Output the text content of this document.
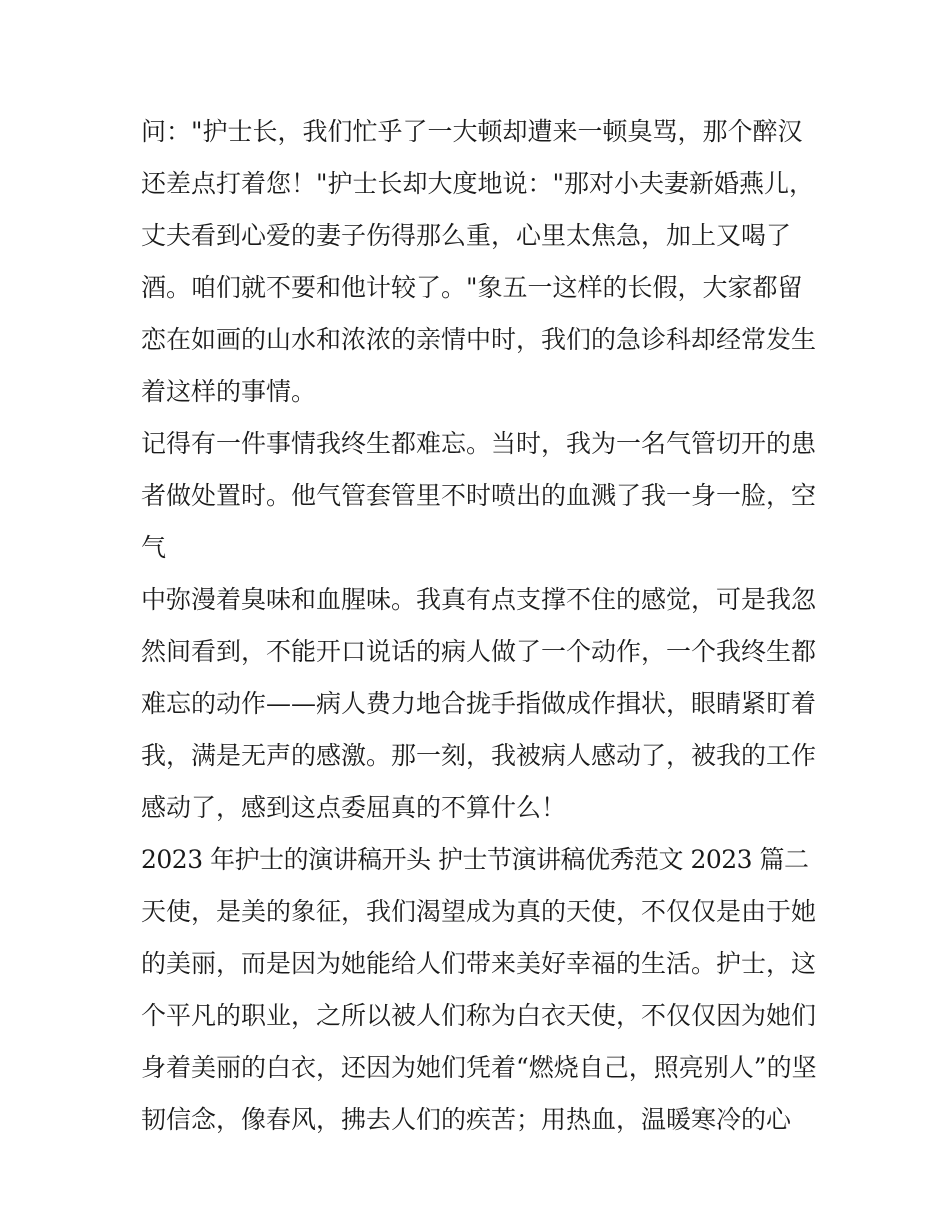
问："护士长，我们忙乎了一大顿却遭来一顿臭骂，那个醉汉
还差点打着您！"护士长却大度地说："那对小夫妻新婚燕儿，
丈夫看到心爱的妻子伤得那么重，心里太焦急，加上又喝了
酒。咱们就不要和他计较了。"象五一这样的长假，大家都留
恋在如画的山水和浓浓的亲情中时，我们的急诊科却经常发生
着这样的事情。
记得有一件事情我终生都难忘。当时，我为一名气管切开的患
者做处置时。他气管套管里不时喷出的血溅了我一身一脸，空
气
中弥漫着臭味和血腥味。我真有点支撑不住的感觉，可是我忽
然间看到，不能开口说话的病人做了一个动作，一个我终生都
难忘的动作——病人费力地合拢手指做成作揖状，眼睛紧盯着
我，满是无声的感激。那一刻，我被病人感动了，被我的工作
感动了，感到这点委屈真的不算什么！
2023 年护士的演讲稿开头 护士节演讲稿优秀范文 2023 篇二
天使，是美的象征，我们渴望成为真的天使，不仅仅是由于她
的美丽，而是因为她能给人们带来美好幸福的生活。护士，这
个平凡的职业，之所以被人们称为白衣天使，不仅仅因为她们
身着美丽的白衣，还因为她们凭着“燃烧自己，照亮别人”的坚
韧信念，像春风，拂去人们的疾苦；用热血，温暖寒冷的心
